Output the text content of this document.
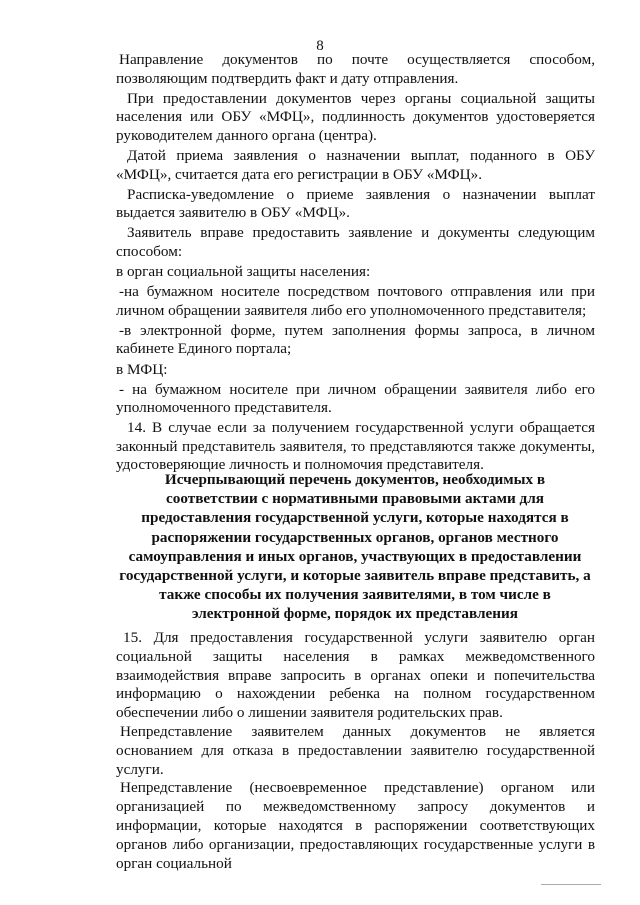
8

Направление документов по почте осуществляется способом, позволяющим подтвердить факт и дату отправления.

При предоставлении документов через органы социальной защиты населения или ОБУ «МФЦ», подлинность документов удостоверяется руководителем данного органа (центра).

Датой приема заявления о назначении выплат, поданного в ОБУ «МФЦ», считается дата его регистрации в ОБУ «МФЦ».

Расписка-уведомление о приеме заявления о назначении выплат выдается заявителю в ОБУ «МФЦ».

Заявитель вправе предоставить заявление и документы следующим способом:

в орган социальной защиты населения:

-на бумажном носителе посредством почтового отправления или при личном обращении заявителя либо его уполномоченного представителя;

-в электронной форме, путем заполнения формы запроса, в личном кабинете Единого портала;

в МФЦ:

- на бумажном носителе при личном обращении заявителя либо его уполномоченного представителя.

14. В случае если за получением государственной услуги обращается законный представитель заявителя, то представляются также документы, удостоверяющие личность и полномочия представителя.

Исчерпывающий перечень документов, необходимых в соответствии с нормативными правовыми актами для предоставления государственной услуги, которые находятся в распоряжении государственных органов, органов местного самоуправления и иных органов, участвующих в предоставлении государственной услуги, и которые заявитель вправе представить, а также способы их получения заявителями, в том числе в электронной форме, порядок их представления

15. Для предоставления государственной услуги заявителю орган социальной защиты населения в рамках межведомственного взаимодействия вправе запросить в органах опеки и попечительства информацию о нахождении ребенка на полном государственном обеспечении либо о лишении заявителя родительских прав.

Непредставление заявителем данных документов не является основанием для отказа в предоставлении заявителю государственной услуги.

Непредставление (несвоевременное представление) органом или организацией по межведомственному запросу документов и информации, которые находятся в распоряжении соответствующих органов либо организации, предоставляющих государственные услуги в орган социальной
